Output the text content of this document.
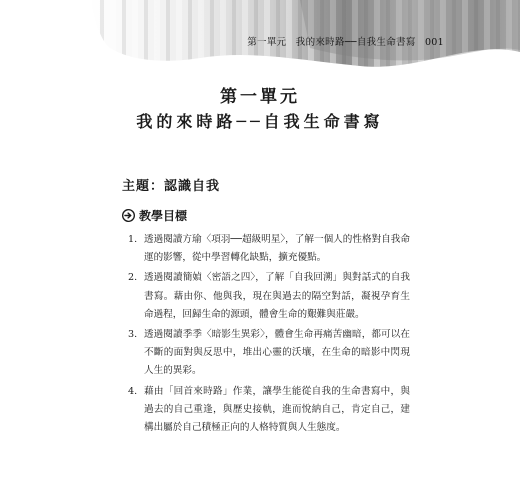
第一單元 我的來時路──自我生命書寫 001
第一單元
我的來時路──自我生命書寫
主題：認識自我
教學目標
1. 透過閱讀方瑜〈項羽──超級明星〉，了解一個人的性格對自我命運的影響，從中學習轉化缺點，擴充優點。
2. 透過閱讀簡媜〈密語之四〉，了解「自我回溯」與對話式的自我書寫。藉由你、他與我，現在與過去的隔空對話，凝視孕育生命過程，回歸生命的源頭，體會生命的艱難與莊嚴。
3. 透過閱讀季季〈暗影生異彩〉，體會生命再痛苦幽暗，都可以在不斷的面對與反思中，堆出心靈的沃壤，在生命的暗影中閃現人生的異彩。
4. 藉由「回首來時路」作業，讓學生能從自我的生命書寫中，與過去的自己重逢，與歷史接軌，進而悅納自己，肯定自己，建構出屬於自己積極正向的人格特質與人生態度。
